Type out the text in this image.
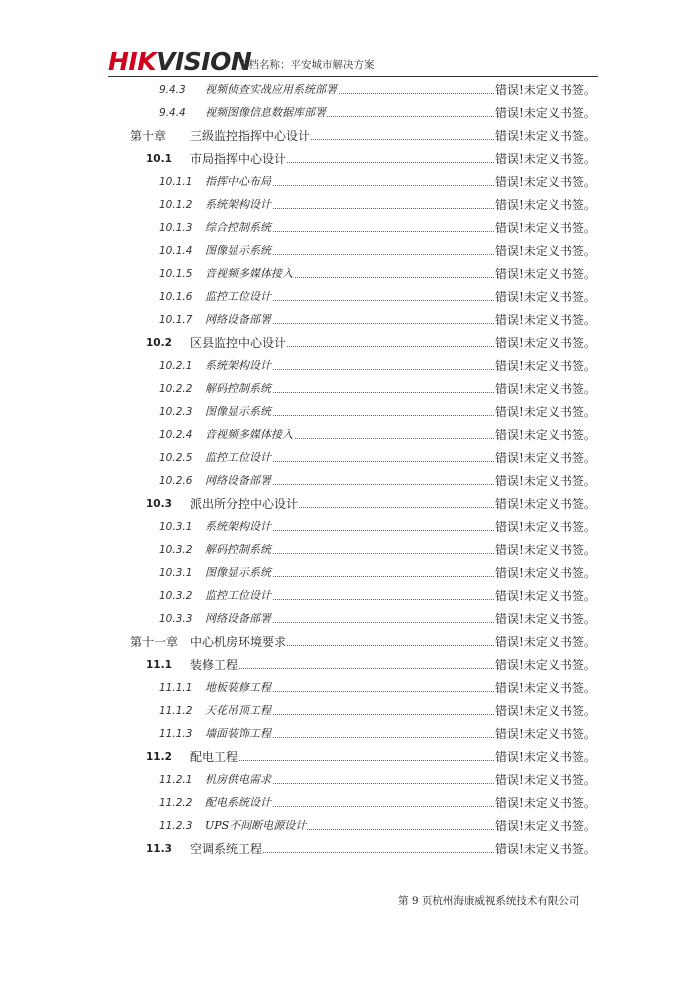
HIKVISION
文档名称：平安城市解决方案
9.4.3 视频侦查实战应用系统部署	错误!未定义书签。
9.4.4 视频图像信息数据库部署	错误!未定义书签。
第十章 三级监控指挥中心设计	错误!未定义书签。
10.1 市局指挥中心设计	错误!未定义书签。
10.1.1 指挥中心布局	错误!未定义书签。
10.1.2 系统架构设计	错误!未定义书签。
10.1.3 综合控制系统	错误!未定义书签。
10.1.4 图像显示系统	错误!未定义书签。
10.1.5 音视频多媒体接入	错误!未定义书签。
10.1.6 监控工位设计	错误!未定义书签。
10.1.7 网络设备部署	错误!未定义书签。
10.2 区县监控中心设计	错误!未定义书签。
10.2.1 系统架构设计	错误!未定义书签。
10.2.2 解码控制系统	错误!未定义书签。
10.2.3 图像显示系统	错误!未定义书签。
10.2.4 音视频多媒体接入	错误!未定义书签。
10.2.5 监控工位设计	错误!未定义书签。
10.2.6 网络设备部署	错误!未定义书签。
10.3 派出所分控中心设计	错误!未定义书签。
10.3.1 系统架构设计	错误!未定义书签。
10.3.2 解码控制系统	错误!未定义书签。
10.3.1 图像显示系统	错误!未定义书签。
10.3.2 监控工位设计	错误!未定义书签。
10.3.3 网络设备部署	错误!未定义书签。
第十一章 中心机房环境要求	错误!未定义书签。
11.1 装修工程	错误!未定义书签。
11.1.1 地板装修工程	错误!未定义书签。
11.1.2 天花吊顶工程	错误!未定义书签。
11.1.3 墙面装饰工程	错误!未定义书签。
11.2 配电工程	错误!未定义书签。
11.2.1 机房供电需求	错误!未定义书签。
11.2.2 配电系统设计	错误!未定义书签。
11.2.3 UPS不间断电源设计	错误!未定义书签。
11.3 空调系统工程	错误!未定义书签。
第 9 页杭州海康威视系统技术有限公司
